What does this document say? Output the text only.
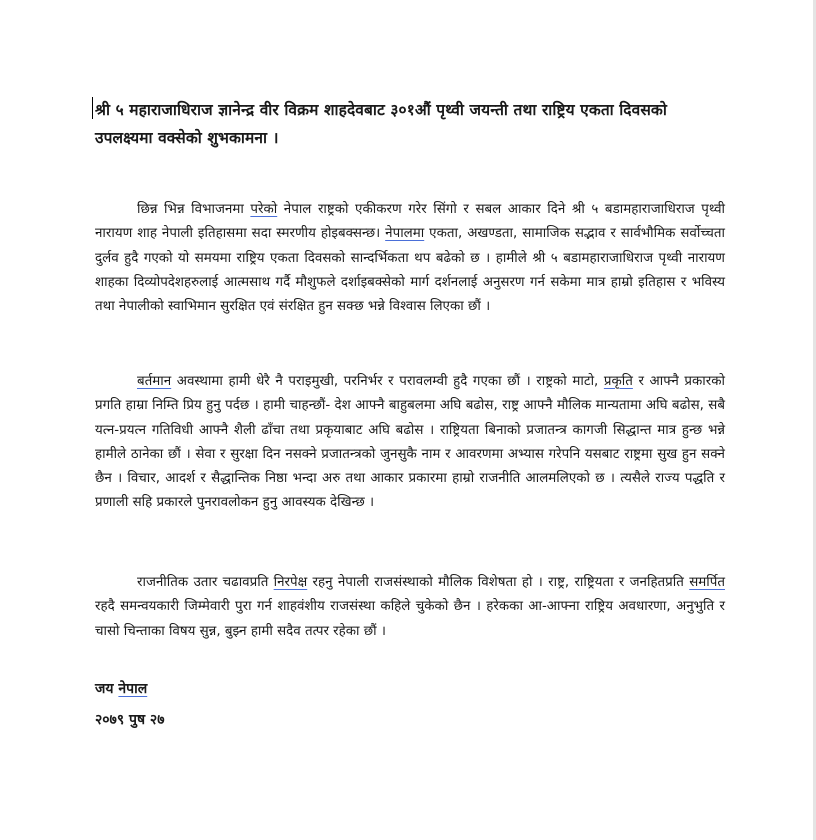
श्री ५ महाराजाधिराज ज्ञानेन्द्र वीर विक्रम शाहदेवबाट ३०१औं पृथ्वी जयन्ती तथा राष्ट्रिय एकता दिवसको उपलक्ष्यमा वक्सेको शुभकामना ।

छिन्न भिन्न विभाजनमा परेको नेपाल राष्ट्रको एकीकरण गरेर सिंगो र सबल आकार दिने श्री ५ बडामहाराजाधिराज पृथ्वी नारायण शाह नेपाली इतिहासमा सदा स्मरणीय होइबक्सन्छ। नेपालमा एकता, अखण्डता, सामाजिक सद्भाव र सार्वभौमिक सर्वोच्चता दुर्लव हुदै गएको यो समयमा राष्ट्रिय एकता दिवसको सान्दर्भिकता थप बढेको छ । हामीले श्री ५ बडामहाराजाधिराज पृथ्वी नारायण शाहका दिव्योपदेशहरुलाई आत्मसाथ गर्दै मौशुफले दर्शाइबक्सेको मार्ग दर्शनलाई अनुसरण गर्न सकेमा मात्र हाम्रो इतिहास र भविस्य तथा नेपालीको स्वाभिमान सुरक्षित एवं संरक्षित हुन सक्छ भन्ने विश्वास लिएका छौं ।

बर्तमान अवस्थामा हामी धेरै नै पराइमुखी, परनिर्भर र परावलम्वी हुदै गएका छौं । राष्ट्रको माटो, प्रकृति र आफ्नै प्रकारको प्रगति हाम्रा निम्ति प्रिय हुनु पर्दछ । हामी चाहन्छौं- देश आफ्नै बाहुबलमा अघि बढोस, राष्ट्र आफ्नै मौलिक मान्यतामा अघि बढोस, सबै यत्न-प्रयत्न गतिविधी आफ्नै शैली ढाँचा तथा प्रकृयाबाट अघि बढोस । राष्ट्रियता बिनाको प्रजातन्त्र कागजी सिद्धान्त मात्र हुन्छ भन्ने हामीले ठानेका छौं । सेवा र सुरक्षा दिन नसक्ने प्रजातन्त्रको जुनसुकै नाम र आवरणमा अभ्यास गरेपनि यसबाट राष्ट्रमा सुख हुन सक्ने छैन । विचार, आदर्श र सैद्धान्तिक निष्ठा भन्दा अरु तथा आकार प्रकारमा हाम्रो राजनीति आलमलिएको छ । त्यसैले राज्य पद्धति र प्रणाली सहि प्रकारले पुनरावलोकन हुनु आवस्यक देखिन्छ ।

राजनीतिक उतार चढावप्रति निरपेक्ष रहनु नेपाली राजसंस्थाको मौलिक विशेषता हो । राष्ट्र, राष्ट्रियता र जनहितप्रति समर्पित रहदै समन्वयकारी जिम्मेवारी पुरा गर्न शाहवंशीय राजसंस्था कहिले चुकेको छैन । हरेकका आ-आफ्ना राष्ट्रिय अवधारणा, अनुभुति र चासो चिन्ताका विषय सुन्न, बुझ्न हामी सदैव तत्पर रहेका छौं ।

जय नेपाल
२०७९ पुष २७
